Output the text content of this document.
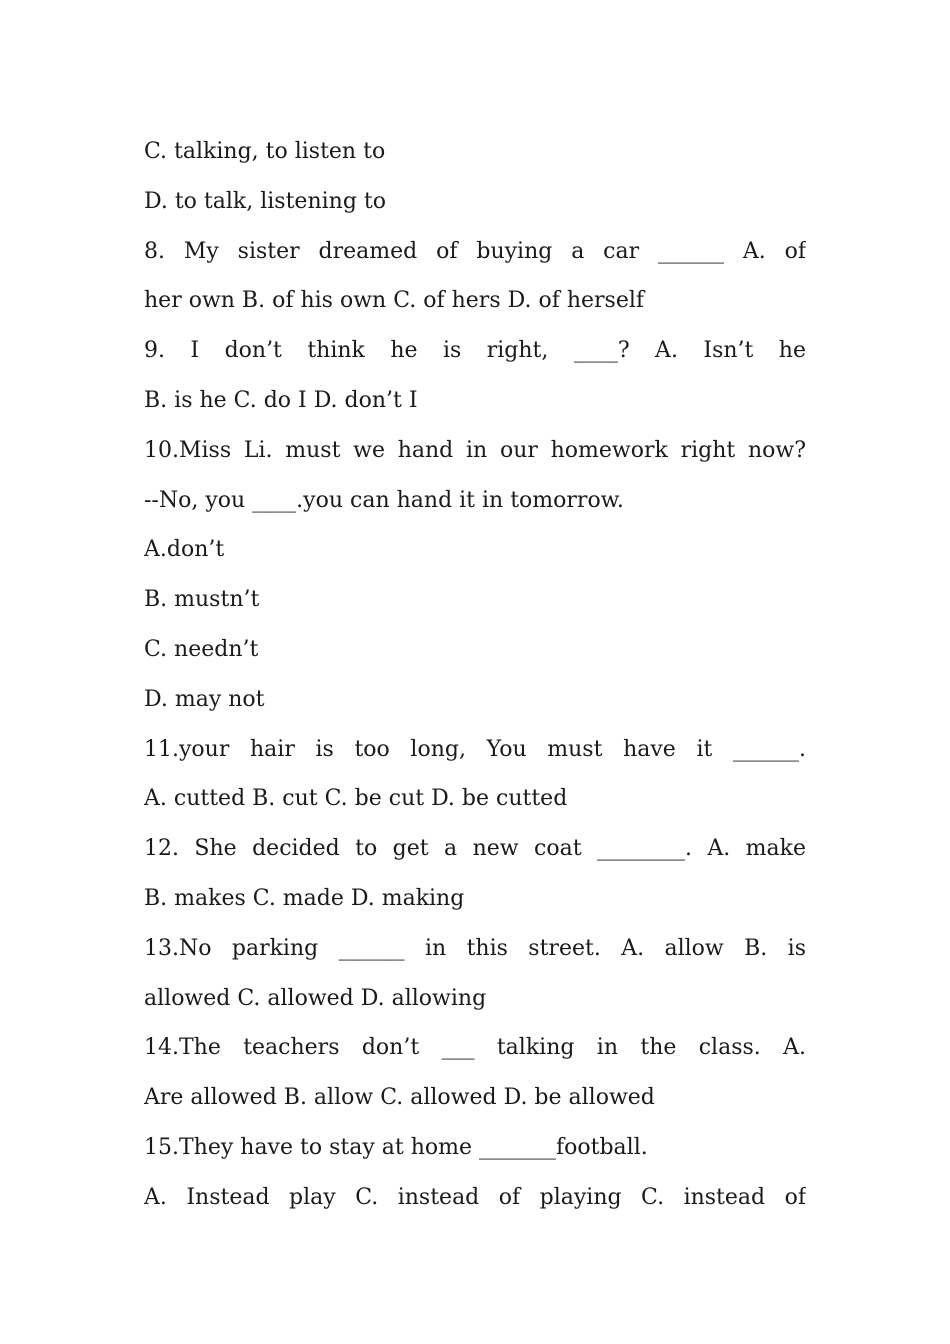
C. talking, to listen to
D. to talk, listening to
8. My sister dreamed of buying a car ______ A. of
her own B. of his own C. of hers D. of herself
9. I don’t think he is right, ____? A. Isn’t he
B. is he C. do I D. don’t I
10.Miss Li. must we hand in our homework right now?
--No, you ____.you can hand it in tomorrow.
A.don’t
B. mustn’t
C. needn’t
D. may not
11.your hair is too long, You must have it ______.
A. cutted B. cut C. be cut D. be cutted
12. She decided to get a new coat ________. A. make
B. makes C. made D. making
13.No parking ______ in this street. A. allow B. is
allowed C. allowed D. allowing
14.The teachers don’t ___ talking in the class. A.
Are allowed B. allow C. allowed D. be allowed
15.They have to stay at home _______football.
A. Instead play C. instead of playing C. instead of
